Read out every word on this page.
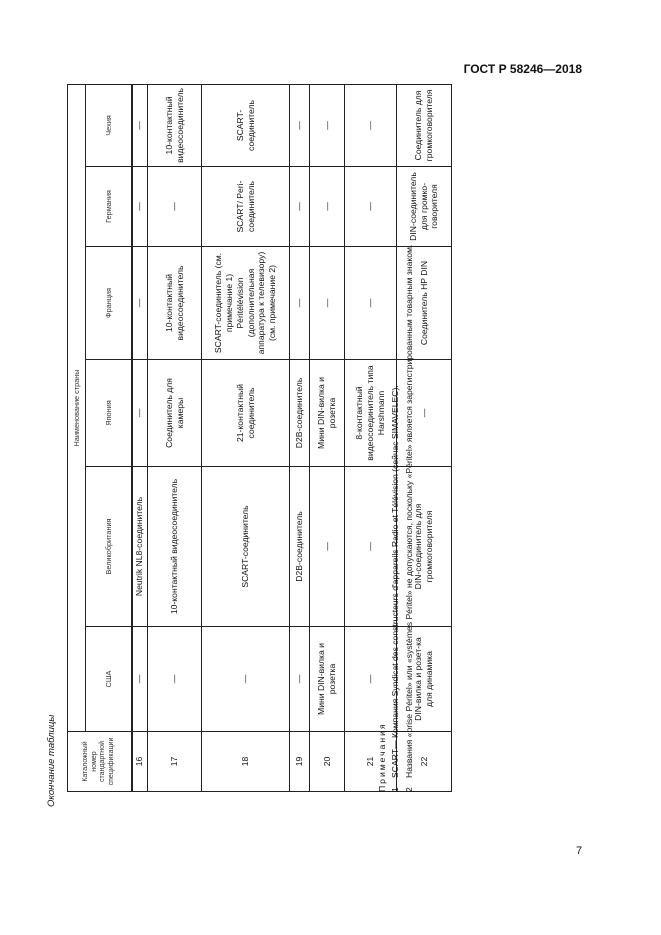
ГОСТ Р 58246—2018
Окончание таблицы	Каталожный номер стандартной спецификации	Наименование страны					
	США	Великобритания	Япония	Франция	Германия	Чехия
16	—	Neutrik NL8-соединитель	—	—	—	—
17	—	10-контактный видеосоединитель	Соединитель для камеры	10-контактный видеосоединитель	—	10-контактный видеосоединитель
18	—	SCART-соединитель	21-контактный соединитель	SCART-соединитель (см. примечание 1) Péritélévision (дополнительная аппаратура к телевизору) (см. примечание 2)	SCART/ Peri-соединитель	SCART-соединитель
19	—	D2B-соединитель	D2B-соединитель	—	—	—
20	Мини DIN-вилка и розетка	—	Мини DIN-вилка и розетка	—	—	—
21	—	—	8-контактный видеосоединитель типа Harshmann	—	—	—
22	DIN-вилка и розет-ка для динамика	DIN-соединитель для громкоговорителя	—	Соединитель HP DIN	DIN-соединитель для громко-говорителя	Соединитель для громкоговорителя
Примечания 1SCART— Компания Syndicat des constructeurs d'appareils Radio et Télévision (сейчас SIMAVELEC).
2Названия «prise Péritel» или «systèmes Péritel» не допускаются, поскольку «Péritel» является зарегистрированным товарным знаком.
7
